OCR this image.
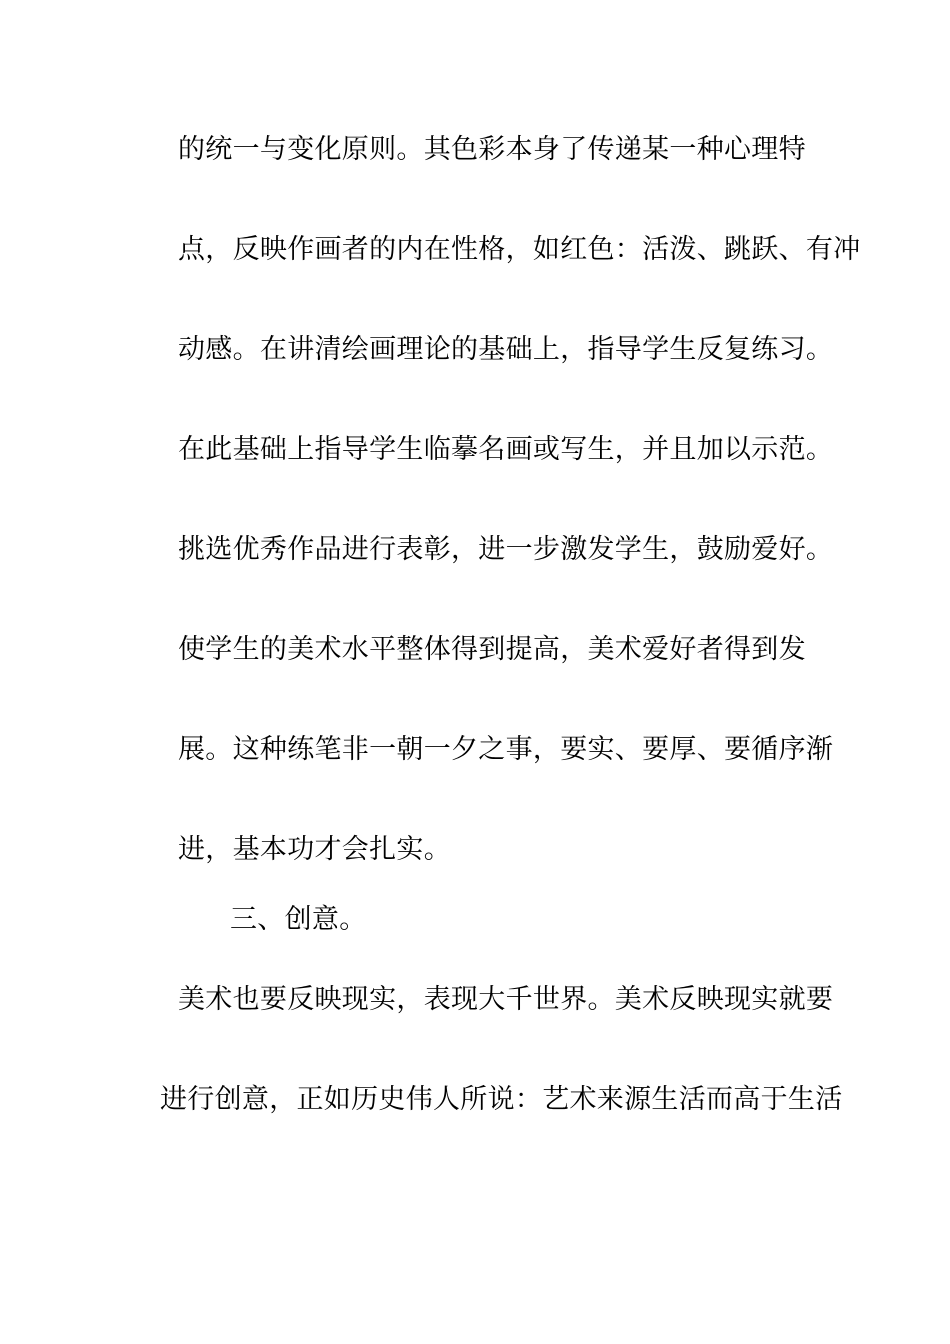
的统一与变化原则。其色彩本身了传递某一种心理特

点，反映作画者的内在性格，如红色：活泼、跳跃、有冲

动感。在讲清绘画理论的基础上，指导学生反复练习。

在此基础上指导学生临摹名画或写生，并且加以示范。

挑选优秀作品进行表彰，进一步激发学生，鼓励爱好。

使学生的美术水平整体得到提高，美术爱好者得到发

展。这种练笔非一朝一夕之事，要实、要厚、要循序渐

进，基本功才会扎实。

三、创意。

美术也要反映现实，表现大千世界。美术反映现实就要

进行创意，正如历史伟人所说：艺术来源生活而高于生活
